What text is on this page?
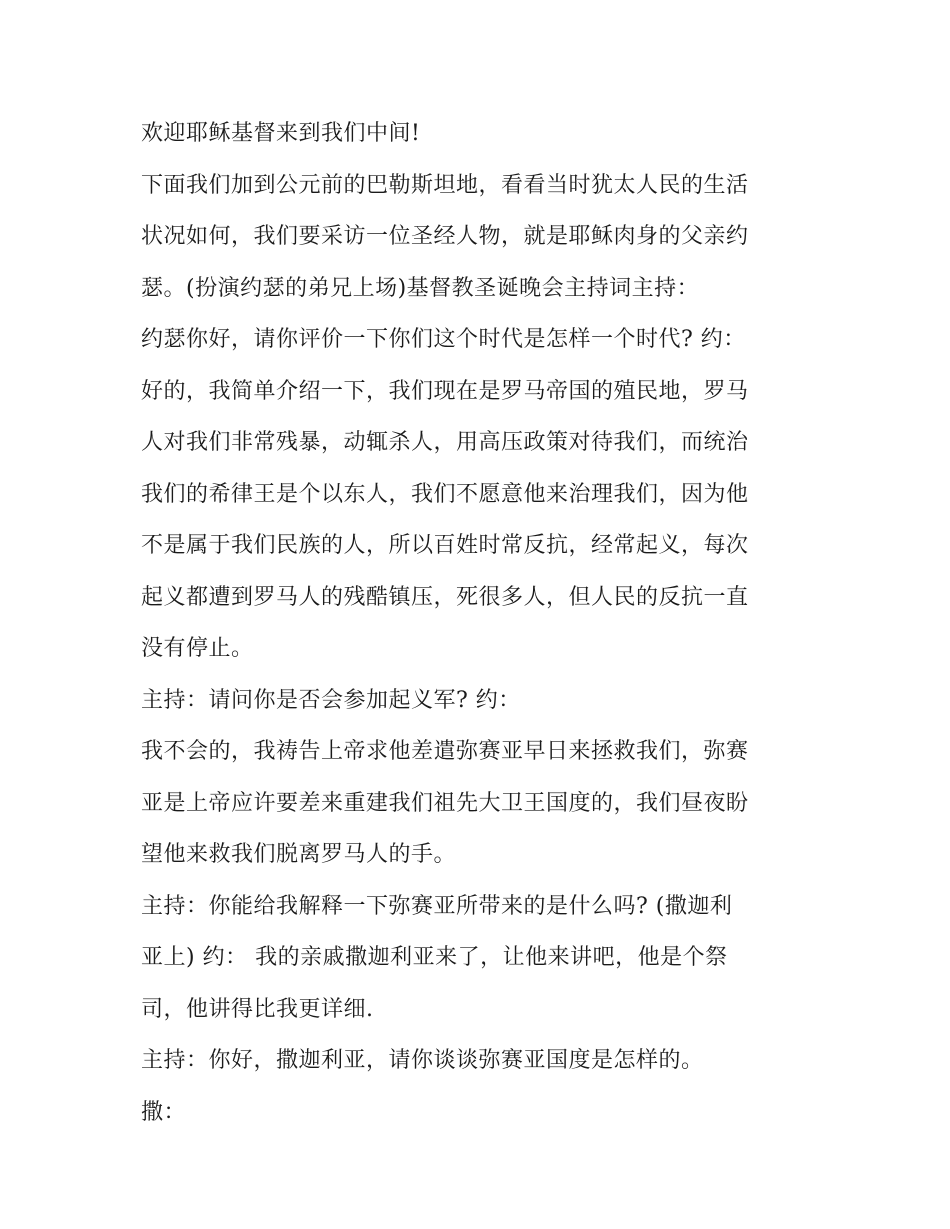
欢迎耶稣基督来到我们中间!
下面我们加到公元前的巴勒斯坦地，看看当时犹太人民的生活
状况如何，我们要采访一位圣经人物，就是耶稣肉身的父亲约
瑟。(扮演约瑟的弟兄上场)基督教圣诞晚会主持词主持：
约瑟你好，请你评价一下你们这个时代是怎样一个时代? 约：
好的，我简单介绍一下，我们现在是罗马帝国的殖民地，罗马
人对我们非常残暴，动辄杀人，用高压政策对待我们，而统治
我们的希律王是个以东人，我们不愿意他来治理我们，因为他
不是属于我们民族的人，所以百姓时常反抗，经常起义，每次
起义都遭到罗马人的残酷镇压，死很多人，但人民的反抗一直
没有停止。
主持：请问你是否会参加起义军? 约：
我不会的，我祷告上帝求他差遣弥赛亚早日来拯救我们，弥赛
亚是上帝应许要差来重建我们祖先大卫王国度的，我们昼夜盼
望他来救我们脱离罗马人的手。
主持：你能给我解释一下弥赛亚所带来的是什么吗? (撒迦利
亚上) 约： 我的亲戚撒迦利亚来了，让他来讲吧，他是个祭
司，他讲得比我更详细.
主持：你好，撒迦利亚，请你谈谈弥赛亚国度是怎样的。
撒：
